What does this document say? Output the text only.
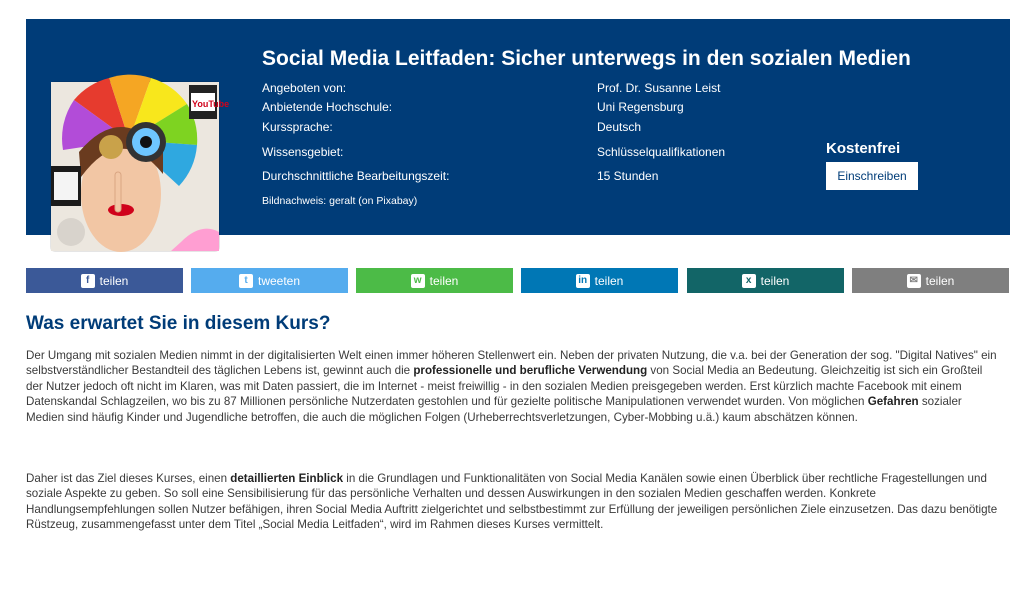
YouTube
Social Media Leitfaden: Sicher unterwegs in den sozialen Medien
Angeboten von:	Prof. Dr. Susanne Leist
Anbietende Hochschule:	Uni Regensburg
Kurssprache:	Deutsch
Wissensgebiet:	Schlüsselqualifikationen
Durchschnittliche Bearbeitungszeit:	15 Stunden
Bildnachweis: geralt (on Pixabay)
Kostenfrei
Einschreiben
f teilen	t tweeten	w teilen	in teilen	x teilen	✉ teilen
Was erwartet Sie in diesem Kurs?

Der Umgang mit sozialen Medien nimmt in der digitalisierten Welt einen immer höheren Stellenwert ein. Neben der privaten Nutzung, die v.a. bei der Generation der sog. "Digital Natives" ein selbstverständlicher Bestandteil des täglichen Lebens ist, gewinnt auch die professionelle und berufliche Verwendung von Social Media an Bedeutung. Gleichzeitig ist sich ein Großteil der Nutzer jedoch oft nicht im Klaren, was mit Daten passiert, die im Internet - meist freiwillig - in den sozialen Medien preisgegeben werden. Erst kürzlich machte Facebook mit einem Datenskandal Schlagzeilen, wo bis zu 87 Millionen persönliche Nutzerdaten gestohlen und für gezielte politische Manipulationen verwendet wurden. Von möglichen Gefahren sozialer Medien sind häufig Kinder und Jugendliche betroffen, die auch die möglichen Folgen (Urheberrechtsverletzungen, Cyber-Mobbing u.ä.) kaum abschätzen können.

Daher ist das Ziel dieses Kurses, einen detaillierten Einblick in die Grundlagen und Funktionalitäten von Social Media Kanälen sowie einen Überblick über rechtliche Fragestellungen und soziale Aspekte zu geben. So soll eine Sensibilisierung für das persönliche Verhalten und dessen Auswirkungen in den sozialen Medien geschaffen werden. Konkrete Handlungsempfehlungen sollen Nutzer befähigen, ihren Social Media Auftritt zielgerichtet und selbstbestimmt zur Erfüllung der jeweiligen persönlichen Ziele einzusetzen. Das dazu benötigte Rüstzeug, zusammengefasst unter dem Titel „Social Media Leitfaden“, wird im Rahmen dieses Kurses vermittelt.
